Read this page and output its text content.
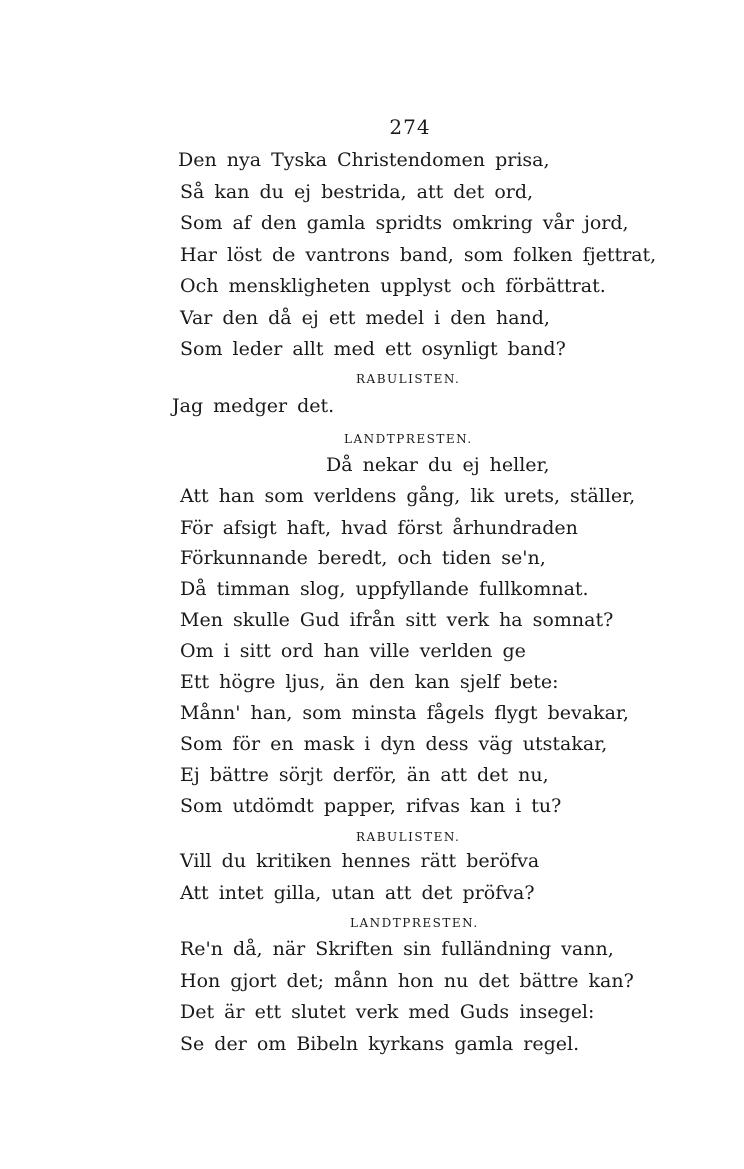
274
Den nya Tyska Christendomen prisa,
Så kan du ej bestrida, att det ord,
Som af den gamla spridts omkring vår jord,
Har löst de vantrons band, som folken fjettrat,
Och menskligheten upplyst och förbättrat.
Var den då ej ett medel i den hand,
Som leder allt med ett osynligt band?
RABULISTEN.
Jag medger det.
LANDTPRESTEN.
Då nekar du ej heller,
Att han som verldens gång, lik urets, ställer,
För afsigt haft, hvad först århundraden
Förkunnande beredt, och tiden se'n,
Då timman slog, uppfyllande fullkomnat.
Men skulle Gud ifrån sitt verk ha somnat?
Om i sitt ord han ville verlden ge
Ett högre ljus, än den kan sjelf bete:
Månn' han, som minsta fågels flygt bevakar,
Som för en mask i dyn dess väg utstakar,
Ej bättre sörjt derför, än att det nu,
Som utdömdt papper, rifvas kan i tu?
RABULISTEN.
Vill du kritiken hennes rätt beröfva
Att intet gilla, utan att det pröfva?
LANDTPRESTEN.
Re'n då, när Skriften sin fulländning vann,
Hon gjort det; månn hon nu det bättre kan?
Det är ett slutet verk med Guds insegel:
Se der om Bibeln kyrkans gamla regel.
